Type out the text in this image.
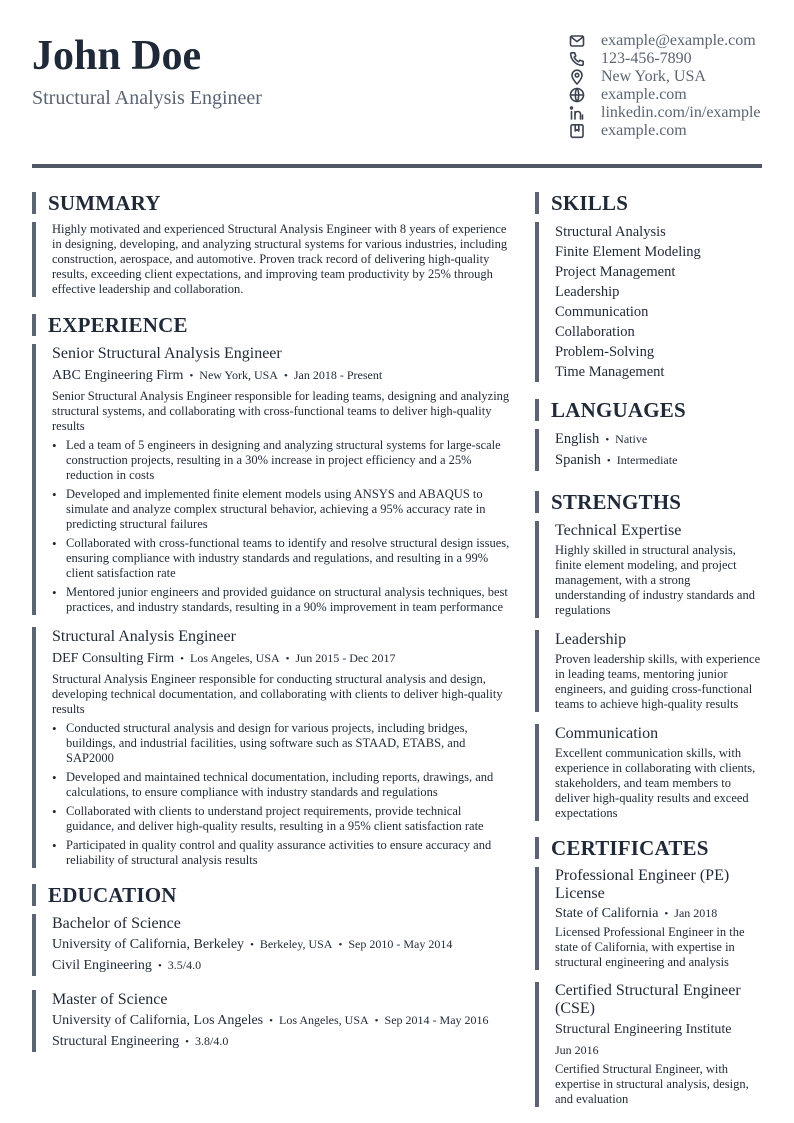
John Doe
Structural Analysis Engineer
example@example.com
123-456-7890
New York, USA
example.com
linkedin.com/in/example
example.com
SUMMARY
Highly motivated and experienced Structural Analysis Engineer with 8 years of experience in designing, developing, and analyzing structural systems for various industries, including construction, aerospace, and automotive. Proven track record of delivering high-quality results, exceeding client expectations, and improving team productivity by 25% through effective leadership and collaboration.
EXPERIENCE
Senior Structural Analysis Engineer
ABC Engineering Firm • New York, USA • Jan 2018 - Present
Senior Structural Analysis Engineer responsible for leading teams, designing and analyzing structural systems, and collaborating with cross-functional teams to deliver high-quality results
• Led a team of 5 engineers in designing and analyzing structural systems for large-scale construction projects, resulting in a 30% increase in project efficiency and a 25% reduction in costs
• Developed and implemented finite element models using ANSYS and ABAQUS to simulate and analyze complex structural behavior, achieving a 95% accuracy rate in predicting structural failures
• Collaborated with cross-functional teams to identify and resolve structural design issues, ensuring compliance with industry standards and regulations, and resulting in a 99% client satisfaction rate
• Mentored junior engineers and provided guidance on structural analysis techniques, best practices, and industry standards, resulting in a 90% improvement in team performance
Structural Analysis Engineer
DEF Consulting Firm • Los Angeles, USA • Jun 2015 - Dec 2017
Structural Analysis Engineer responsible for conducting structural analysis and design, developing technical documentation, and collaborating with clients to deliver high-quality results
• Conducted structural analysis and design for various projects, including bridges, buildings, and industrial facilities, using software such as STAAD, ETABS, and SAP2000
• Developed and maintained technical documentation, including reports, drawings, and calculations, to ensure compliance with industry standards and regulations
• Collaborated with clients to understand project requirements, provide technical guidance, and deliver high-quality results, resulting in a 95% client satisfaction rate
• Participated in quality control and quality assurance activities to ensure accuracy and reliability of structural analysis results
EDUCATION
Bachelor of Science
University of California, Berkeley • Berkeley, USA • Sep 2010 - May 2014
Civil Engineering • 3.5/4.0
Master of Science
University of California, Los Angeles • Los Angeles, USA • Sep 2014 - May 2016
Structural Engineering • 3.8/4.0
SKILLS
Structural Analysis
Finite Element Modeling
Project Management
Leadership
Communication
Collaboration
Problem-Solving
Time Management
LANGUAGES
English • Native
Spanish • Intermediate
STRENGTHS
Technical Expertise
Highly skilled in structural analysis, finite element modeling, and project management, with a strong understanding of industry standards and regulations
Leadership
Proven leadership skills, with experience in leading teams, mentoring junior engineers, and guiding cross-functional teams to achieve high-quality results
Communication
Excellent communication skills, with experience in collaborating with clients, stakeholders, and team members to deliver high-quality results and exceed expectations
CERTIFICATES
Professional Engineer (PE) License
State of California • Jan 2018
Licensed Professional Engineer in the state of California, with expertise in structural engineering and analysis
Certified Structural Engineer (CSE)
Structural Engineering Institute
Jun 2016
Certified Structural Engineer, with expertise in structural analysis, design, and evaluation
